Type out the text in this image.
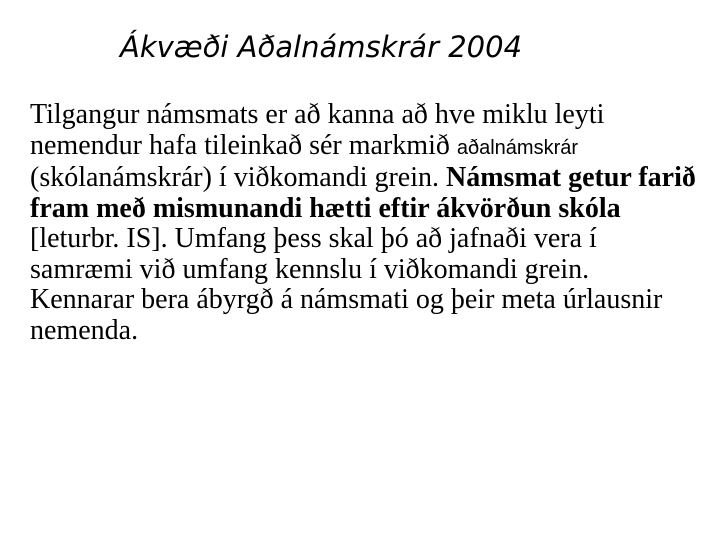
Ákvæði Aðalnámskrár 2004
Tilgangur námsmats er að kanna að hve miklu leyti nemendur hafa tileinkað sér markmið aðalnámskrár (skólanámskrár) í viðkomandi grein. Námsmat getur farið fram með mismunandi hætti eftir ákvörðun skóla [leturbr. IS]. Umfang þess skal þó að jafnaði vera í samræmi við umfang kennslu í viðkomandi grein. Kennarar bera ábyrgð á námsmati og þeir meta úrlausnir nemenda.
